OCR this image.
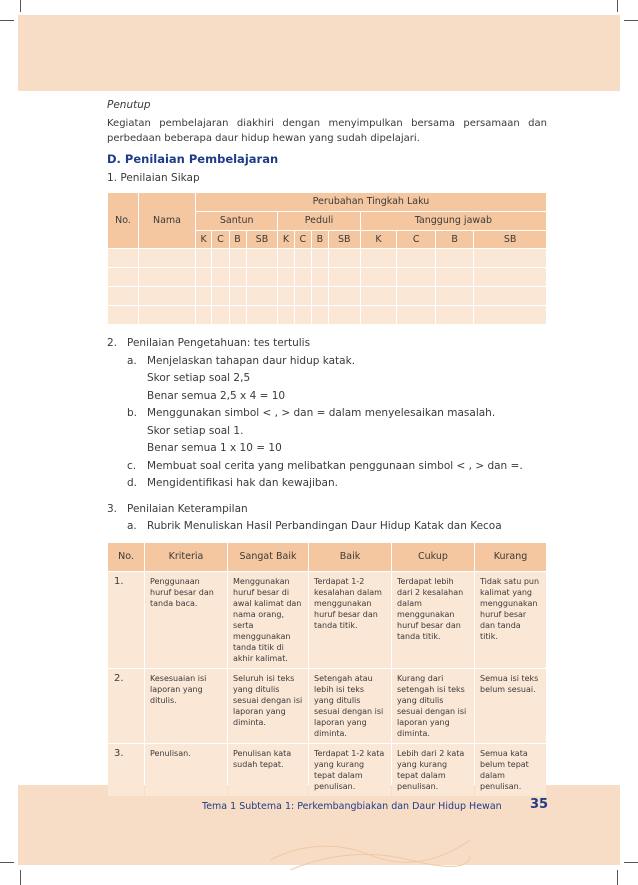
Penutup
Kegiatan pembelajaran diakhiri dengan menyimpulkan bersama persamaan dan perbedaan beberapa daur hidup hewan yang sudah dipelajari.
D. Penilaian Pembelajaran
1. Penilaian Sikap
No.	Nama	Perubahan Tingkah Laku											
		Santun				Peduli				Tanggung jawab			
		K	C	B	SB	K	C	B	SB	K	C	B	SB

2. Penilaian Pengetahuan: tes tertulis
a. Menjelaskan tahapan daur hidup katak.
Skor setiap soal 2,5
Benar semua 2,5 x 4 = 10
b. Menggunakan simbol < , > dan = dalam menyelesaikan masalah.
Skor setiap soal 1.
Benar semua 1 x 10 = 10
c. Membuat soal cerita yang melibatkan penggunaan simbol < , > dan =.
d. Mengidentifikasi hak dan kewajiban.
3. Penilaian Keterampilan
a. Rubrik Menuliskan Hasil Perbandingan Daur Hidup Katak dan Kecoa
No.	Kriteria	Sangat Baik	Baik	Cukup	Kurang
1.	Penggunaan huruf besar dan tanda baca.	Menggunakan huruf besar di awal kalimat dan nama orang, serta menggunakan tanda titik di akhir kalimat.	Terdapat 1-2 kesalahan dalam menggunakan huruf besar dan tanda titik.	Terdapat lebih dari 2 kesalahan dalam menggunakan huruf besar dan tanda titik.	Tidak satu pun kalimat yang menggunakan huruf besar dan tanda titik.
2.	Kesesuaian isi laporan yang ditulis.	Seluruh isi teks yang ditulis sesuai dengan isi laporan yang diminta.	Setengah atau lebih isi teks yang ditulis sesuai dengan isi laporan yang diminta.	Kurang dari setengah isi teks yang ditulis sesuai dengan isi laporan yang diminta.	Semua isi teks belum sesuai.
3.	Penulisan.	Penulisan kata sudah tepat.	Terdapat 1-2 kata yang kurang tepat dalam penulisan.	Lebih dari 2 kata yang kurang tepat dalam penulisan.	Semua kata belum tepat dalam penulisan.
Tema 1 Subtema 1: Perkembangbiakan dan Daur Hidup Hewan 35
